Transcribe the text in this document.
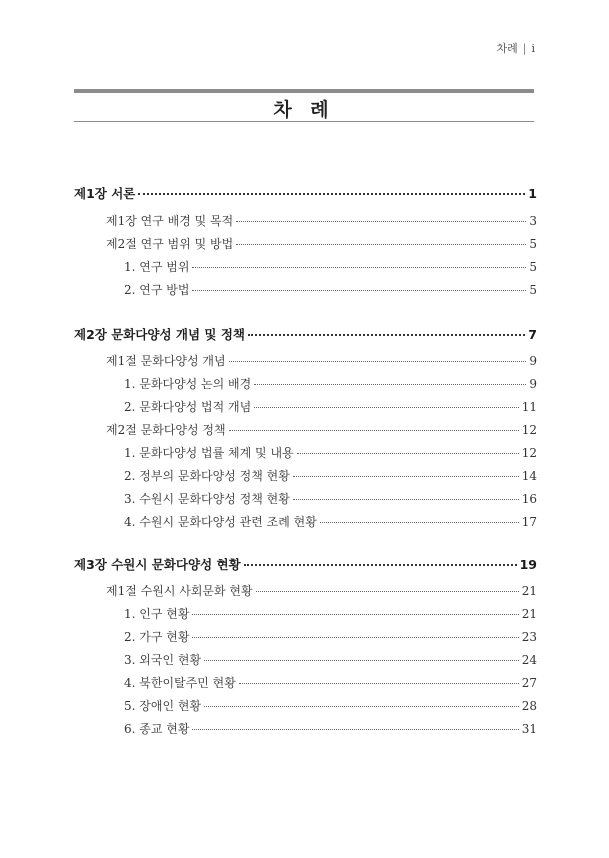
차례 | i
차 례
제1장 서론	1
제1장 연구 배경 및 목적	3
제2절 연구 범위 및 방법	5
1. 연구 범위	5
2. 연구 방법	5
제2장 문화다양성 개념 및 정책	7
제1절 문화다양성 개념	9
1. 문화다양성 논의 배경	9
2. 문화다양성 법적 개념	11
제2절 문화다양성 정책	12
1. 문화다양성 법률 체계 및 내용	12
2. 정부의 문화다양성 정책 현황	14
3. 수원시 문화다양성 정책 현황	16
4. 수원시 문화다양성 관련 조례 현황	17
제3장 수원시 문화다양성 현황	19
제1절 수원시 사회문화 현황	21
1. 인구 현황	21
2. 가구 현황	23
3. 외국인 현황	24
4. 북한이탈주민 현황	27
5. 장애인 현황	28
6. 종교 현황	31
